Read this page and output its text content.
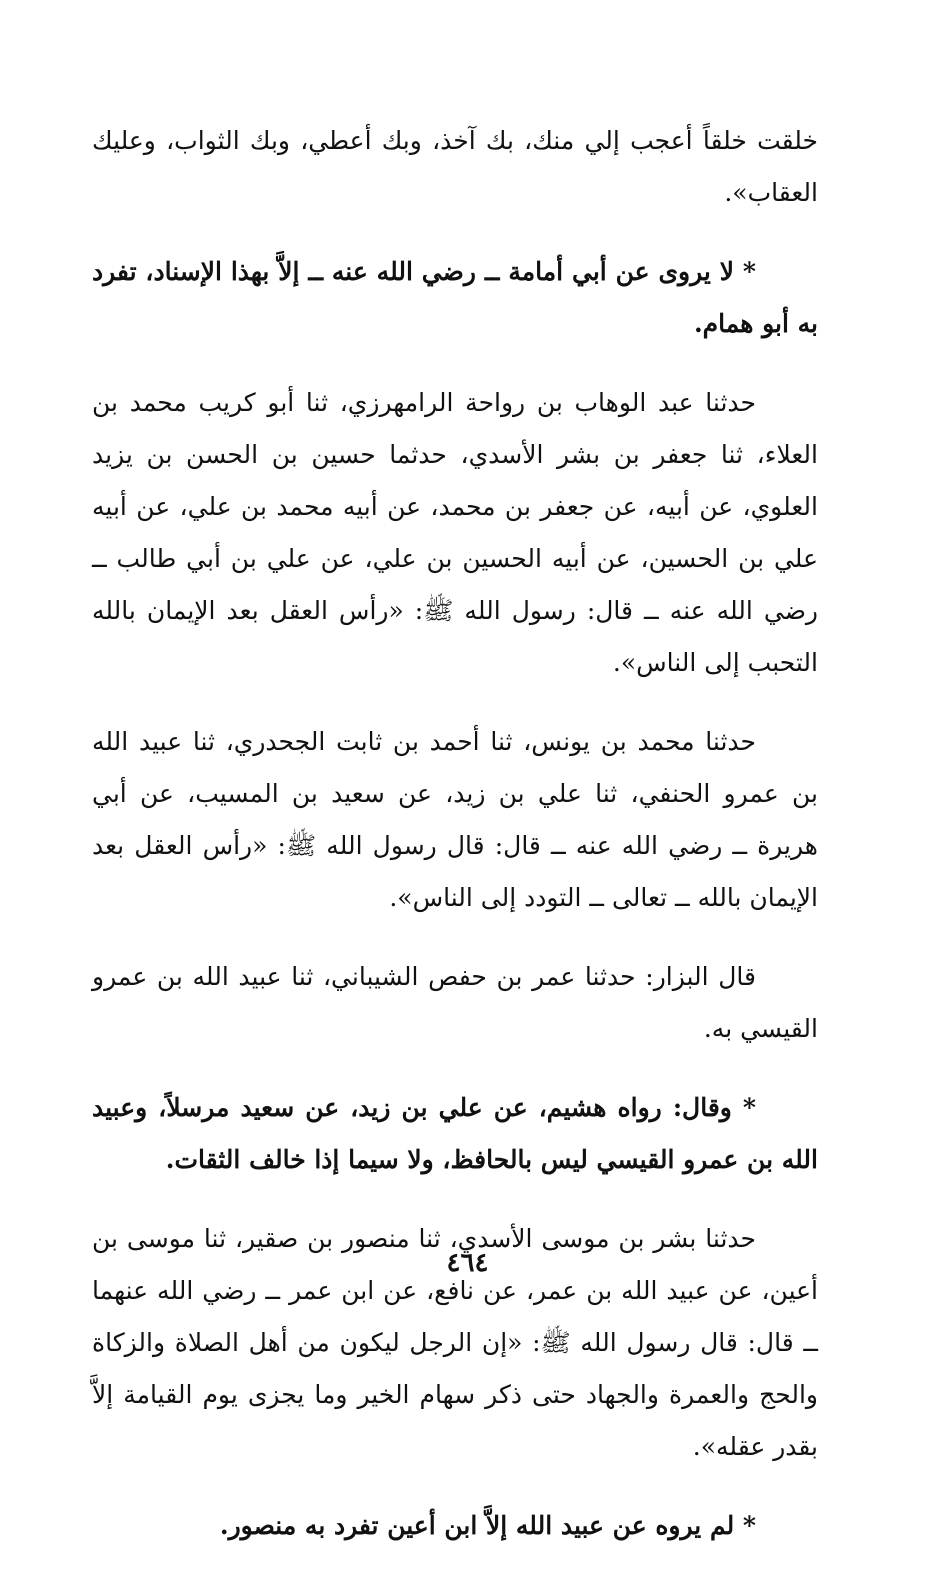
خلقت خلقاً أعجب إلي منك، بك آخذ، وبك أعطي، وبك الثواب، وعليك العقاب».

* لا يروى عن أبي أمامة ــ رضي الله عنه ــ إلاَّ بهذا الإسناد، تفرد به أبو همام.

حدثنا عبد الوهاب بن رواحة الرامهرزي، ثنا أبو كريب محمد بن العلاء، ثنا جعفر بن بشر الأسدي، حدثما حسين بن الحسن بن يزيد العلوي، عن أبيه، عن جعفر بن محمد، عن أبيه محمد بن علي، عن أبيه علي بن الحسين، عن أبيه الحسين بن علي، عن علي بن أبي طالب ــ رضي الله عنه ــ قال: رسول الله ﷺ: «رأس العقل بعد الإيمان بالله التحبب إلى الناس».

حدثنا محمد بن يونس، ثنا أحمد بن ثابت الجحدري، ثنا عبيد الله بن عمرو الحنفي، ثنا علي بن زيد، عن سعيد بن المسيب، عن أبي هريرة ــ رضي الله عنه ــ قال: قال رسول الله ﷺ: «رأس العقل بعد الإيمان بالله ــ تعالى ــ التودد إلى الناس».

قال البزار: حدثنا عمر بن حفص الشيباني، ثنا عبيد الله بن عمرو القيسي به.

* وقال: رواه هشيم، عن علي بن زيد، عن سعيد مرسلاً، وعبيد الله بن عمرو القيسي ليس بالحافظ، ولا سيما إذا خالف الثقات.

حدثنا بشر بن موسى الأسدي، ثنا منصور بن صقير، ثنا موسى بن أعين، عن عبيد الله بن عمر، عن نافع، عن ابن عمر ــ رضي الله عنهما ــ قال: قال رسول الله ﷺ: «إن الرجل ليكون من أهل الصلاة والزكاة والحج والعمرة والجهاد حتى ذكر سهام الخير وما يجزى يوم القيامة إلاَّ بقدر عقله».

* لم يروه عن عبيد الله إلاَّ ابن أعين تفرد به منصور.

٤٦٤
